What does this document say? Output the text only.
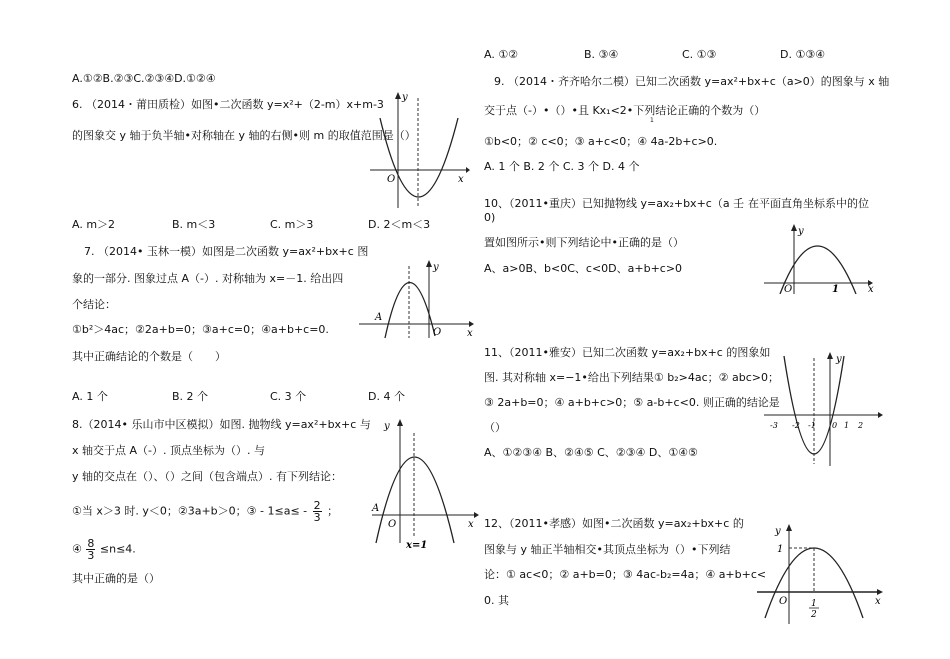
A.①②B.②③C.②③④D.①②④
6. （2014・莆田质检）如图•二次函数 y=x²+（2-m）x+m-3
的图象交 y 轴于负半轴•对称轴在 y 轴的右侧•则 m 的取值范围是（）
A. m＞2	B. m＜3	C. m＞3	D. 2＜m＜3
y
x
O
7. （2014• 玉林一模）如图是二次函数 y=ax²+bx+c 图
象的一部分. 图象过点 A（-）. 对称轴为 x=－1. 给出四
个结论：
①b²＞4ac；②2a+b=0；③a+c=0；④a+b+c=0.
其中正确结论的个数是（　　）
A. 1 个	B. 2 个	C. 3 个	D. 4 个
y
x
O
A
8.（2014• 乐山市中区模拟）如图. 抛物线 y=ax²+bx+c 与
x 轴交于点 A（-）. 顶点坐标为（）. 与
y 轴的交点在（）、（）之间（包含端点）. 有下列结论：
①当 x＞3 时. y＜0；②3a+b＞0；③ - $1\le a\le - \frac{2}{3}$ ；
④ $\frac{8}{3} \le n\le 4$.
其中正确的是（）
y
x
O
A
x=1
A. ①②	B. ③④	C. ①③	D. ①③④
9. （2014・齐齐哈尔二模）已知二次函数 y=ax²+bx+c（a>0）的图象与 x 轴
交于点（-）•（）•且 Kx₁<2•下列结论正确的个数为（）
1
①b<0；② c<0；③ a+c<0；④ 4a-2b+c>0.
A. 1 个 B. 2 个 C. 3 个 D. 4 个
10、（2011•重庆）已知抛物线 y=ax₂+bx+c（a 壬 在平面直角坐标系中的位
0)
置如图所示•则下列结论中•正确的是（）
A、a>0B、b<0C、c<0D、a+b+c>0
y
x
O	1
11、（2011•雅安）已知二次函数 y=ax₂+bx+c 的图象如
图. 其对称轴 x=−1•给出下列结果① b₂>4ac；② abc>0；
③ 2a+b=0；④ a+b+c>0；⑤ a-b+c<0. 则正确的结论是
（）
A、①②③④ B、②④⑤ C、②③④ D、①④⑤
y
-3 -2 -1 0 1 2
12、（2011•孝感）如图•二次函数 y=ax₂+bx+c 的
图象与 y 轴正半轴相交•其顶点坐标为（）•下列结
论：① ac<0；② a+b=0；③ 4ac-b₂=4a；④ a+b+c<
0. 其
y
x
O
1
1
2
